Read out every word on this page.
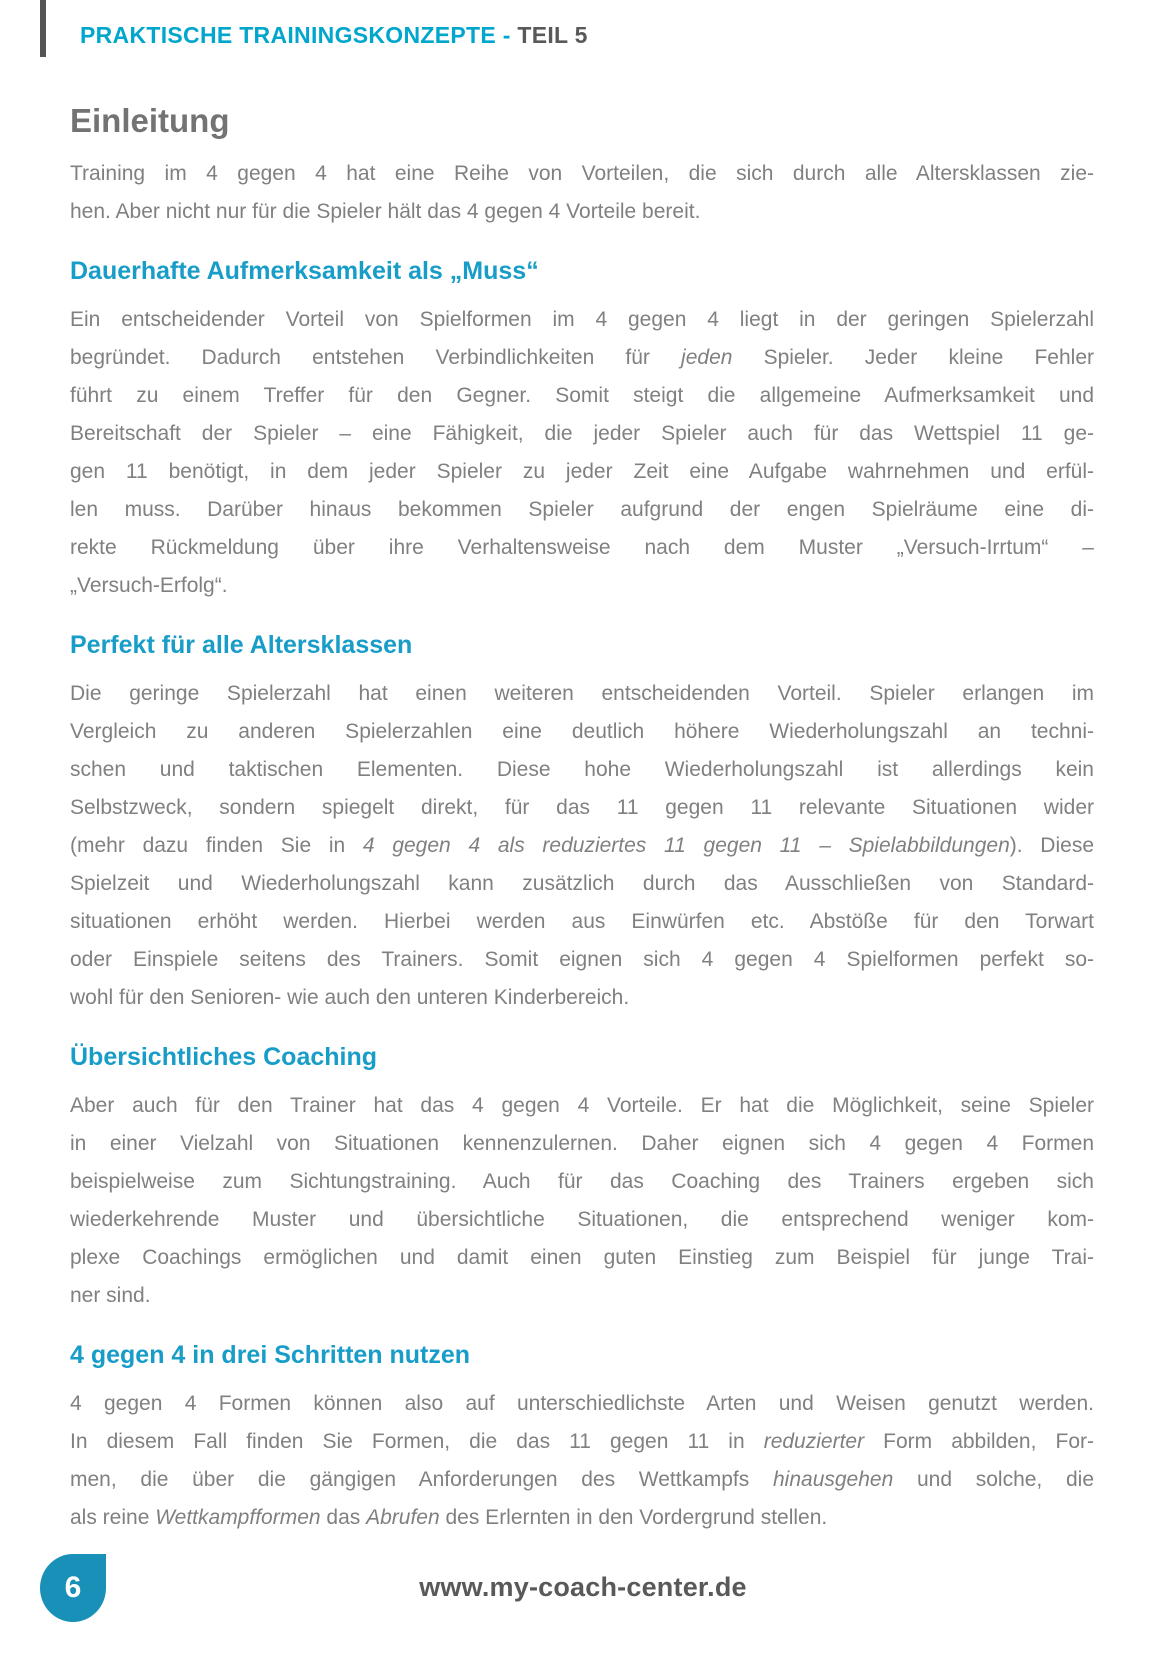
PRAKTISCHE TRAININGSKONZEPTE - TEIL 5
Einleitung
Training im 4 gegen 4 hat eine Reihe von Vorteilen, die sich durch alle Altersklassen zie-
hen. Aber nicht nur für die Spieler hält das 4 gegen 4 Vorteile bereit.
Dauerhafte Aufmerksamkeit als „Muss“
Ein entscheidender Vorteil von Spielformen im 4 gegen 4 liegt in der geringen Spielerzahl
begründet. Dadurch entstehen Verbindlichkeiten für jeden Spieler. Jeder kleine Fehler
führt zu einem Treffer für den Gegner. Somit steigt die allgemeine Aufmerksamkeit und
Bereitschaft der Spieler – eine Fähigkeit, die jeder Spieler auch für das Wettspiel 11 ge-
gen 11 benötigt, in dem jeder Spieler zu jeder Zeit eine Aufgabe wahrnehmen und erfül-
len muss. Darüber hinaus bekommen Spieler aufgrund der engen Spielräume eine di-
rekte Rückmeldung über ihre Verhaltensweise nach dem Muster „Versuch-Irrtum“ –
„Versuch-Erfolg“.
Perfekt für alle Altersklassen
Die geringe Spielerzahl hat einen weiteren entscheidenden Vorteil. Spieler erlangen im
Vergleich zu anderen Spielerzahlen eine deutlich höhere Wiederholungszahl an techni-
schen und taktischen Elementen. Diese hohe Wiederholungszahl ist allerdings kein
Selbstzweck, sondern spiegelt direkt, für das 11 gegen 11 relevante Situationen wider
(mehr dazu finden Sie in 4 gegen 4 als reduziertes 11 gegen 11 – Spielabbildungen). Diese
Spielzeit und Wiederholungszahl kann zusätzlich durch das Ausschließen von Standard-
situationen erhöht werden. Hierbei werden aus Einwürfen etc. Abstöße für den Torwart
oder Einspiele seitens des Trainers. Somit eignen sich 4 gegen 4 Spielformen perfekt so-
wohl für den Senioren- wie auch den unteren Kinderbereich.
Übersichtliches Coaching
Aber auch für den Trainer hat das 4 gegen 4 Vorteile. Er hat die Möglichkeit, seine Spieler
in einer Vielzahl von Situationen kennenzulernen. Daher eignen sich 4 gegen 4 Formen
beispielweise zum Sichtungstraining. Auch für das Coaching des Trainers ergeben sich
wiederkehrende Muster und übersichtliche Situationen, die entsprechend weniger kom-
plexe Coachings ermöglichen und damit einen guten Einstieg zum Beispiel für junge Trai-
ner sind.
4 gegen 4 in drei Schritten nutzen
4 gegen 4 Formen können also auf unterschiedlichste Arten und Weisen genutzt werden.
In diesem Fall finden Sie Formen, die das 11 gegen 11 in reduzierter Form abbilden, For-
men, die über die gängigen Anforderungen des Wettkampfs hinausgehen und solche, die
als reine Wettkampfformen das Abrufen des Erlernten in den Vordergrund stellen.
6	www.my-coach-center.de
